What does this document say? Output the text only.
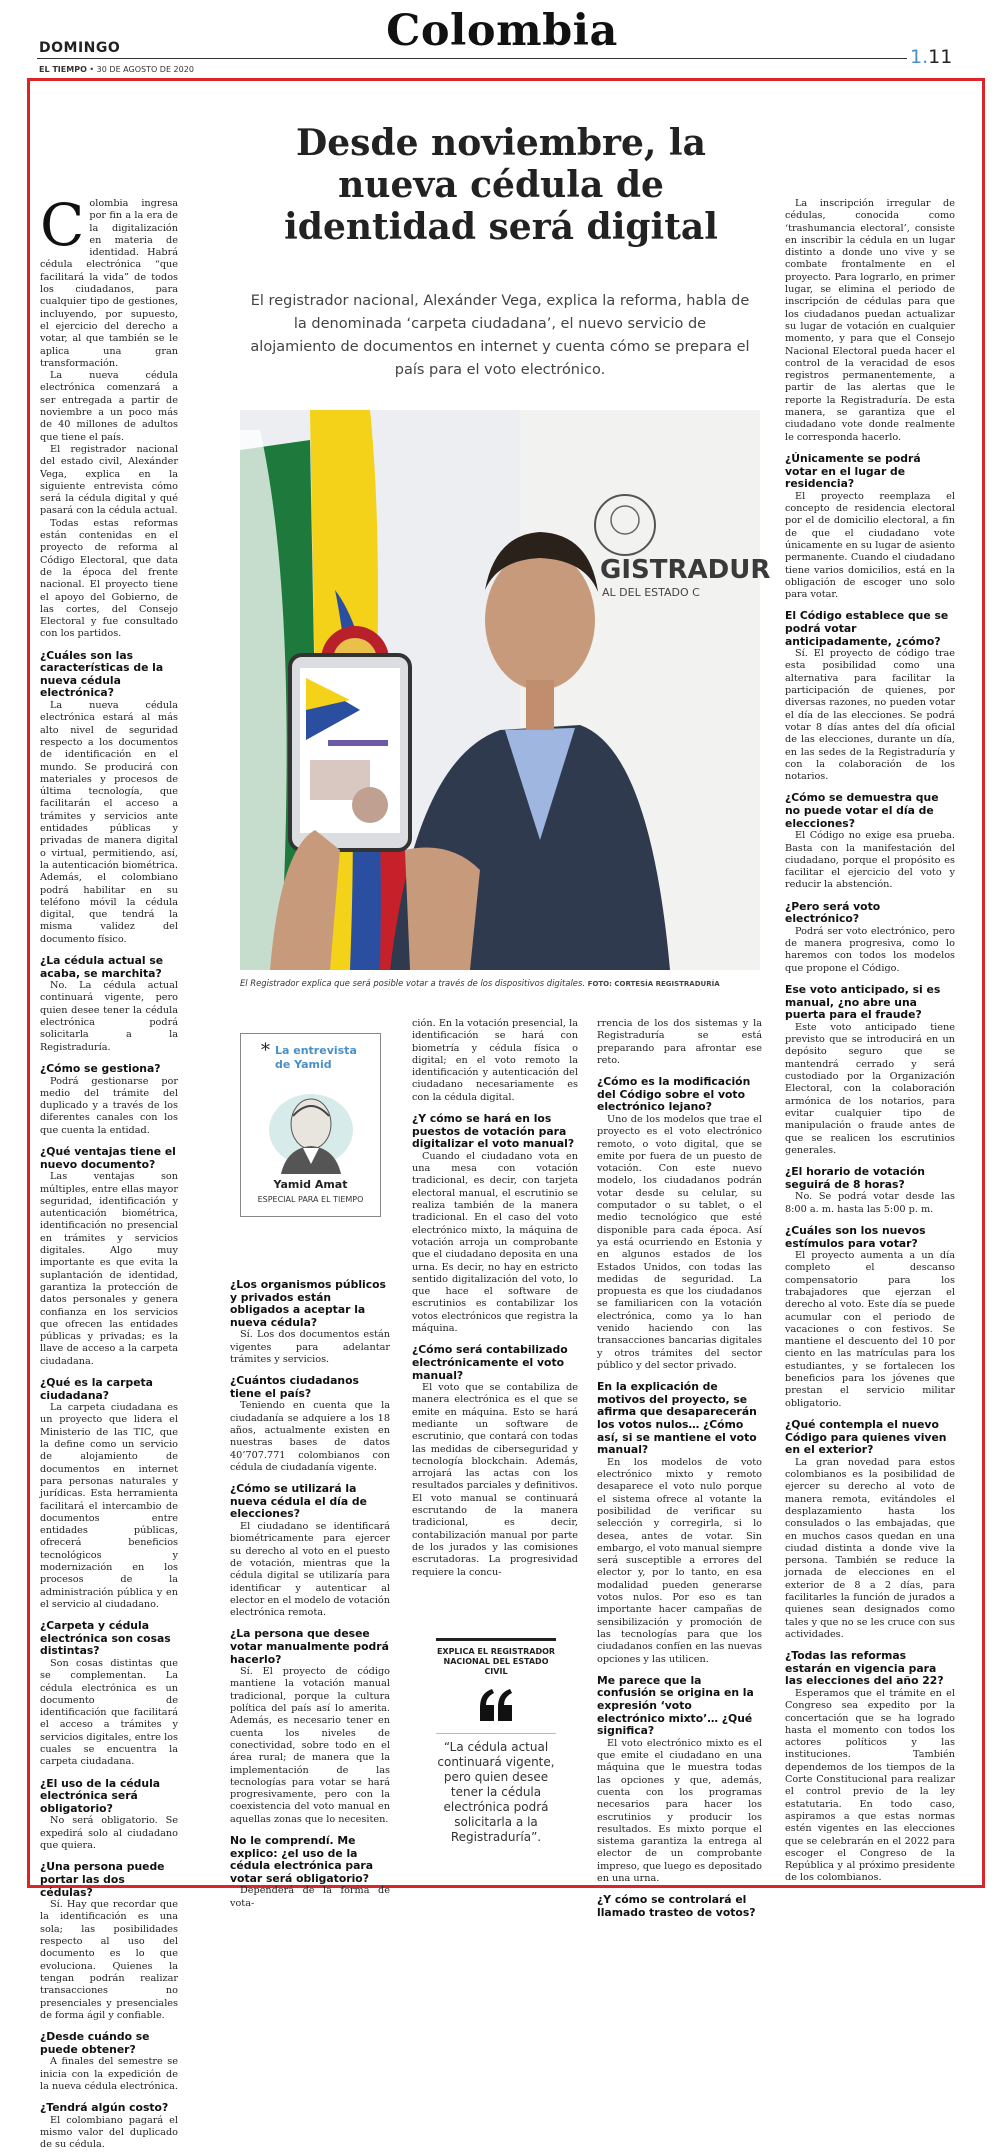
Colombia
DOMINGO
EL TIEMPO • 30 DE AGOSTO DE 2020
1.11
Desde noviembre, la nueva cédula de identidad será digital
El registrador nacional, Alexánder Vega, explica la reforma, habla de la denominada ‘carpeta ciudadana’, el nuevo servicio de alojamiento de documentos en internet y cuenta cómo se prepara el país para el voto electrónico.

Colombia ingresa por fin a la era de la digitalización en materia de identidad. Habrá cédula electrónica “que facilitará la vida” de todos los ciudadanos, para cualquier tipo de gestiones, incluyendo, por supuesto, el ejercicio del derecho a votar, al que también se le aplica una gran transformación.

La nueva cédula electrónica comenzará a ser entregada a partir de noviembre a un poco más de 40 millones de adultos que tiene el país.

El registrador nacional del estado civil, Alexánder Vega, explica en la siguiente entrevista cómo será la cédula digital y qué pasará con la cédula actual.

Todas estas reformas están contenidas en el proyecto de reforma al Código Electoral, que data de la época del frente nacional. El proyecto tiene el apoyo del Gobierno, de las cortes, del Consejo Electoral y fue consultado con los partidos.

¿Cuáles son las características de la nueva cédula electrónica?

La nueva cédula electrónica estará al más alto nivel de seguridad respecto a los documentos de identificación en el mundo. Se producirá con materiales y procesos de última tecnología, que facilitarán el acceso a trámites y servicios ante entidades públicas y privadas de manera digital o virtual, permitiendo, así, la autenticación biométrica. Además, el colombiano podrá habilitar en su teléfono móvil la cédula digital, que tendrá la misma validez del documento físico.

¿La cédula actual se acaba, se marchita?

No. La cédula actual continuará vigente, pero quien desee tener la cédula electrónica podrá solicitarla a la Registraduría.

¿Cómo se gestiona?

Podrá gestionarse por medio del trámite del duplicado y a través de los diferentes canales con los que cuenta la entidad.

¿Qué ventajas tiene el nuevo documento?

Las ventajas son múltiples, entre ellas mayor seguridad, identificación y autenticación biométrica, identificación no presencial en trámites y servicios digitales. Algo muy importante es que evita la suplantación de identidad, garantiza la protección de datos personales y genera confianza en los servicios que ofrecen las entidades públicas y privadas; es la llave de acceso a la carpeta ciudadana.

¿Qué es la carpeta ciudadana?

La carpeta ciudadana es un proyecto que lidera el Ministerio de las TIC, que la define como un servicio de alojamiento de documentos en internet para personas naturales y jurídicas. Esta herramienta facilitará el intercambio de documentos entre entidades públicas, ofrecerá beneficios tecnológicos y modernización en los procesos de la administración pública y en el servicio al ciudadano.

¿Carpeta y cédula electrónica son cosas distintas?

Son cosas distintas que se complementan. La cédula electrónica es un documento de identificación que facilitará el acceso a trámites y servicios digitales, entre los cuales se encuentra la carpeta ciudadana.

¿El uso de la cédula electrónica será obligatorio?

No será obligatorio. Se expedirá solo al ciudadano que quiera.

¿Una persona puede portar las dos cédulas?

Sí. Hay que recordar que la identificación es una sola; las posibilidades respecto al uso del documento es lo que evoluciona. Quienes la tengan podrán realizar transacciones no presenciales y presenciales de forma ágil y confiable.

¿Desde cuándo se puede obtener?

A finales del semestre se inicia con la expedición de la nueva cédula electrónica.

¿Tendrá algún costo?

El colombiano pagará el mismo valor del duplicado de su cédula.

GISTRADUR
AL DEL ESTADO C
El Registrador explica que será posible votar a través de los dispositivos digitales. FOTO: CORTESÍA REGISTRADURÍA
* La entrevista de Yamid
Yamid Amat
ESPECIAL PARA EL TIEMPO
¿Los organismos públicos y privados están obligados a aceptar la nueva cédula?

Sí. Los dos documentos están vigentes para adelantar trámites y servicios.

¿Cuántos ciudadanos tiene el país?

Teniendo en cuenta que la ciudadanía se adquiere a los 18 años, actualmente existen en nuestras bases de datos 40’707.771 colombianos con cédula de ciudadanía vigente.

¿Cómo se utilizará la nueva cédula el día de elecciones?

El ciudadano se identificará biométricamente para ejercer su derecho al voto en el puesto de votación, mientras que la cédula digital se utilizaría para identificar y autenticar al elector en el modelo de votación electrónica remota.

¿La persona que desee votar manualmente podrá hacerlo?

Sí. El proyecto de código mantiene la votación manual tradicional, porque la cultura política del país así lo amerita. Además, es necesario tener en cuenta los niveles de conectividad, sobre todo en el área rural; de manera que la implementación de las tecnologías para votar se hará progresivamente, pero con la coexistencia del voto manual en aquellas zonas que lo necesiten.

No le comprendí. Me explico: ¿el uso de la cédula electrónica para votar será obligatorio?

Dependerá de la forma de vota-

ción. En la votación presencial, la identificación se hará con biometría y cédula física o digital; en el voto remoto la identificación y autenticación del ciudadano necesariamente es con la cédula digital.

¿Y cómo se hará en los puestos de votación para digitalizar el voto manual?

Cuando el ciudadano vota en una mesa con votación tradicional, es decir, con tarjeta electoral manual, el escrutinio se realiza también de la manera tradicional. En el caso del voto electrónico mixto, la máquina de votación arroja un comprobante que el ciudadano deposita en una urna. Es decir, no hay en estricto sentido digitalización del voto, lo que hace el software de escrutinios es contabilizar los votos electrónicos que registra la máquina.

¿Cómo será contabilizado electrónicamente el voto manual?

El voto que se contabiliza de manera electrónica es el que se emite en máquina. Esto se hará mediante un software de escrutinio, que contará con todas las medidas de ciberseguridad y tecnología blockchain. Además, arrojará las actas con los resultados parciales y definitivos. El voto manual se continuará escrutando de la manera tradicional, es decir, contabilización manual por parte de los jurados y las comisiones escrutadoras. La progresividad requiere la concu-

EXPLICA EL REGISTRADOR NACIONAL DEL ESTADO CIVIL
“La cédula actual continuará vigente, pero quien desee tener la cédula electrónica podrá solicitarla a la Registraduría”.

rrencia de los dos sistemas y la Registraduría se está preparando para afrontar ese reto.

¿Cómo es la modificación del Código sobre el voto electrónico lejano?

Uno de los modelos que trae el proyecto es el voto electrónico remoto, o voto digital, que se emite por fuera de un puesto de votación. Con este nuevo modelo, los ciudadanos podrán votar desde su celular, su computador o su tablet, o el medio tecnológico que esté disponible para cada época. Así ya está ocurriendo en Estonia y en algunos estados de los Estados Unidos, con todas las medidas de seguridad. La propuesta es que los ciudadanos se familiaricen con la votación electrónica, como ya lo han venido haciendo con las transacciones bancarias digitales y otros trámites del sector público y del sector privado.

En la explicación de motivos del proyecto, se afirma que desaparecerán los votos nulos… ¿Cómo así, si se mantiene el voto manual?

En los modelos de voto electrónico mixto y remoto desaparece el voto nulo porque el sistema ofrece al votante la posibilidad de verificar su selección y corregirla, si lo desea, antes de votar. Sin embargo, el voto manual siempre será susceptible a errores del elector y, por lo tanto, en esa modalidad pueden generarse votos nulos. Por eso es tan importante hacer campañas de sensibilización y promoción de las tecnologías para que los ciudadanos confíen en las nuevas opciones y las utilicen.

Me parece que la confusión se origina en la expresión ‘voto electrónico mixto’… ¿Qué significa?

El voto electrónico mixto es el que emite el ciudadano en una máquina que le muestra todas las opciones y que, además, cuenta con los programas necesarios para hacer los escrutinios y producir los resultados. Es mixto porque el sistema garantiza la entrega al elector de un comprobante impreso, que luego es depositado en una urna.

¿Y cómo se controlará el llamado trasteo de votos?

La inscripción irregular de cédulas, conocida como ‘trashumancia electoral’, consiste en inscribir la cédula en un lugar distinto a donde uno vive y se combate frontalmente en el proyecto. Para lograrlo, en primer lugar, se elimina el periodo de inscripción de cédulas para que los ciudadanos puedan actualizar su lugar de votación en cualquier momento, y para que el Consejo Nacional Electoral pueda hacer el control de la veracidad de esos registros permanentemente, a partir de las alertas que le reporte la Registraduría. De esta manera, se garantiza que el ciudadano vote donde realmente le corresponda hacerlo.

¿Únicamente se podrá votar en el lugar de residencia?

El proyecto reemplaza el concepto de residencia electoral por el de domicilio electoral, a fin de que el ciudadano vote únicamente en su lugar de asiento permanente. Cuando el ciudadano tiene varios domicilios, está en la obligación de escoger uno solo para votar.

El Código establece que se podrá votar anticipadamente, ¿cómo?

Sí. El proyecto de código trae esta posibilidad como una alternativa para facilitar la participación de quienes, por diversas razones, no pueden votar el día de las elecciones. Se podrá votar 8 días antes del día oficial de las elecciones, durante un día, en las sedes de la Registraduría y con la colaboración de los notarios.

¿Cómo se demuestra que no puede votar el día de elecciones?

El Código no exige esa prueba. Basta con la manifestación del ciudadano, porque el propósito es facilitar el ejercicio del voto y reducir la abstención.

¿Pero será voto electrónico?

Podrá ser voto electrónico, pero de manera progresiva, como lo haremos con todos los modelos que propone el Código.

Ese voto anticipado, si es manual, ¿no abre una puerta para el fraude?

Este voto anticipado tiene previsto que se introducirá en un depósito seguro que se mantendrá cerrado y será custodiado por la Organización Electoral, con la colaboración armónica de los notarios, para evitar cualquier tipo de manipulación o fraude antes de que se realicen los escrutinios generales.

¿El horario de votación seguirá de 8 horas?

No. Se podrá votar desde las 8:00 a. m. hasta las 5:00 p. m.

¿Cuáles son los nuevos estímulos para votar?

El proyecto aumenta a un día completo el descanso compensatorio para los trabajadores que ejerzan el derecho al voto. Este día se puede acumular con el periodo de vacaciones o con festivos. Se mantiene el descuento del 10 por ciento en las matrículas para los estudiantes, y se fortalecen los beneficios para los jóvenes que prestan el servicio militar obligatorio.

¿Qué contempla el nuevo Código para quienes viven en el exterior?

La gran novedad para estos colombianos es la posibilidad de ejercer su derecho al voto de manera remota, evitándoles el desplazamiento hasta los consulados o las embajadas, que en muchos casos quedan en una ciudad distinta a donde vive la persona. También se reduce la jornada de elecciones en el exterior de 8 a 2 días, para facilitarles la función de jurados a quienes sean designados como tales y que no se les cruce con sus actividades.

¿Todas las reformas estarán en vigencia para las elecciones del año 22?

Esperamos que el trámite en el Congreso sea expedito por la concertación que se ha logrado hasta el momento con todos los actores políticos y las instituciones. También dependemos de los tiempos de la Corte Constitucional para realizar el control previo de la ley estatutaria. En todo caso, aspiramos a que estas normas estén vigentes en las elecciones que se celebrarán en el 2022 para escoger el Congreso de la República y al próximo presidente de los colombianos.
